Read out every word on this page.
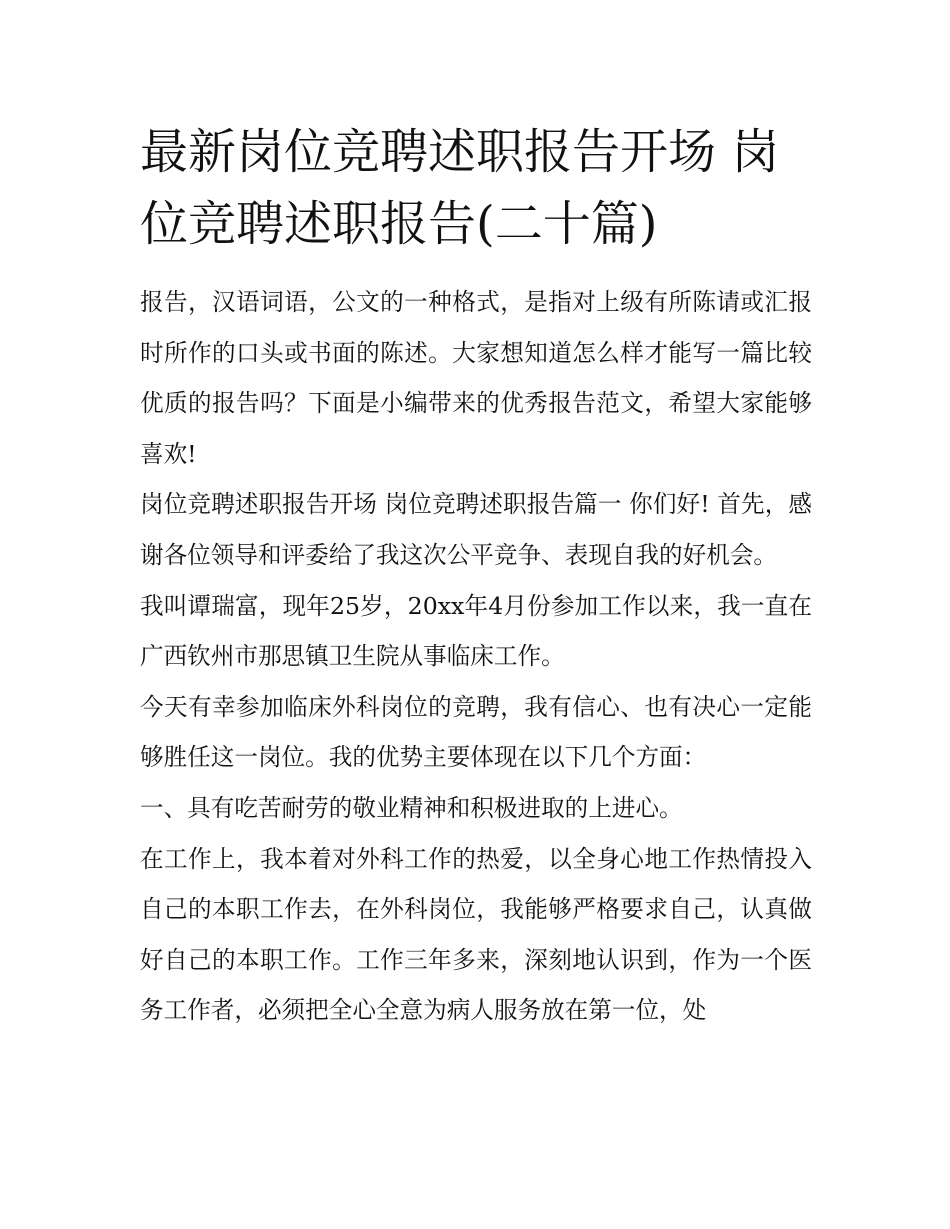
最新岗位竞聘述职报告开场 岗位竞聘述职报告(二十篇)

报告，汉语词语，公文的一种格式，是指对上级有所陈请或汇报时所作的口头或书面的陈述。大家想知道怎么样才能写一篇比较优质的报告吗？下面是小编带来的优秀报告范文，希望大家能够喜欢!

岗位竞聘述职报告开场 岗位竞聘述职报告篇一 你们好! 首先，感谢各位领导和评委给了我这次公平竞争、表现自我的好机会。

我叫谭瑞富，现年25岁，20xx年4月份参加工作以来，我一直在广西钦州市那思镇卫生院从事临床工作。

今天有幸参加临床外科岗位的竞聘，我有信心、也有决心一定能够胜任这一岗位。我的优势主要体现在以下几个方面：

一、具有吃苦耐劳的敬业精神和积极进取的上进心。

在工作上，我本着对外科工作的热爱，以全身心地工作热情投入自己的本职工作去，在外科岗位，我能够严格要求自己，认真做好自己的本职工作。工作三年多来，深刻地认识到，作为一个医务工作者，必须把全心全意为病人服务放在第一位，处
